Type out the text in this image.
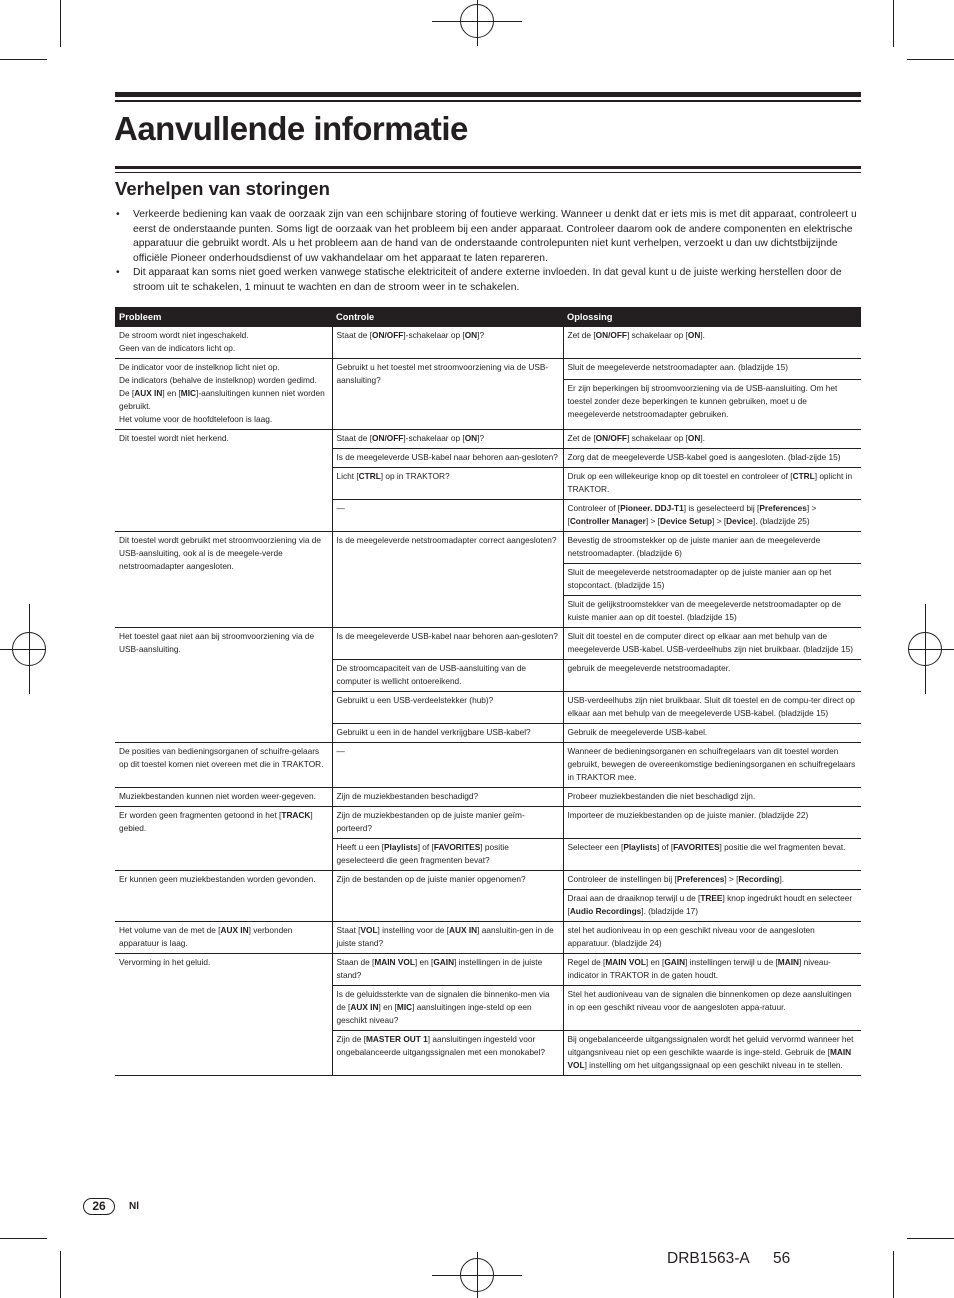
Aanvullende informatie
Verhelpen van storingen
• Verkeerde bediening kan vaak de oorzaak zijn van een schijnbare storing of foutieve werking. Wanneer u denkt dat er iets mis is met dit apparaat, controleert u eerst de onderstaande punten. Soms ligt de oorzaak van het probleem bij een ander apparaat. Controleer daarom ook de andere componenten en elektrische apparatuur die gebruikt wordt. Als u het probleem aan de hand van de onderstaande controlepunten niet kunt verhelpen, verzoekt u dan uw dichtstbijzijnde officiële Pioneer onderhoudsdienst of uw vakhandelaar om het apparaat te laten repareren.
• Dit apparaat kan soms niet goed werken vanwege statische elektriciteit of andere externe invloeden. In dat geval kunt u de juiste werking herstellen door de stroom uit te schakelen, 1 minuut te wachten en dan de stroom weer in te schakelen.
Probleem	Controle	Oplossing
De stroom wordt niet ingeschakeld.
Geen van de indicators licht op.	Staat de [ON/OFF]-schakelaar op [ON]?	Zet de [ON/OFF] schakelaar op [ON].
De indicator voor de instelknop licht niet op.
De indicators (behalve de instelknop) worden gedimd.
De [AUX IN] en [MIC]-aansluitingen kunnen niet worden gebruikt.
Het volume voor de hoofdtelefoon is laag.	Gebruikt u het toestel met stroomvoorziening via de USB-aansluiting?	Sluit de meegeleverde netstroomadapter aan. (bladzijde 15)
		Er zijn beperkingen bij stroomvoorziening via de USB-aansluiting. Om het toestel zonder deze beperkingen te kunnen gebruiken, moet u de meegeleverde netstroomadapter gebruiken.
Dit toestel wordt niet herkend.	Staat de [ON/OFF]-schakelaar op [ON]?	Zet de [ON/OFF] schakelaar op [ON].
	Is de meegeleverde USB-kabel naar behoren aan-gesloten?	Zorg dat de meegeleverde USB-kabel goed is aangesloten. (blad-zijde 15)
	Licht [CTRL] op in TRAKTOR?	Druk op een willekeurige knop op dit toestel en controleer of [CTRL] oplicht in TRAKTOR.
	—	Controleer of [Pioneer. DDJ-T1] is geselecteerd bij [Preferences] > [Controller Manager] > [Device Setup] > [Device]. (bladzijde 25)
Dit toestel wordt gebruikt met stroomvoorziening via de USB-aansluiting, ook al is de meegele-verde netstroomadapter aangesloten.	Is de meegeleverde netstroomadapter correct aangesloten?	Bevestig de stroomstekker op de juiste manier aan de meegeleverde netstroomadapter. (bladzijde 6)
		Sluit de meegeleverde netstroomadapter op de juiste manier aan op het stopcontact. (bladzijde 15)
		Sluit de gelijkstroomstekker van de meegeleverde netstroomadapter op de kuiste manier aan op dit toestel. (bladzijde 15)
Het toestel gaat niet aan bij stroomvoorziening via de USB-aansluiting.	Is de meegeleverde USB-kabel naar behoren aan-gesloten?	Sluit dit toestel en de computer direct op elkaar aan met behulp van de meegeleverde USB-kabel. USB-verdeelhubs zijn niet bruikbaar. (bladzijde 15)
	De stroomcapaciteit van de USB-aansluiting van de computer is wellicht ontoereikend.	gebruik de meegeleverde netstroomadapter.
	Gebruikt u een USB-verdeelstekker (hub)?	USB-verdeelhubs zijn niet bruikbaar. Sluit dit toestel en de compu-ter direct op elkaar aan met behulp van de meegeleverde USB-kabel. (bladzijde 15)
	Gebruikt u een in de handel verkrijgbare USB-kabel?	Gebruik de meegeleverde USB-kabel.
De posities van bedieningsorganen of schuifre-gelaars op dit toestel komen niet overeen met die in TRAKTOR.	—	Wanneer de bedieningsorganen en schuifregelaars van dit toestel worden gebruikt, bewegen de overeenkomstige bedieningsorganen en schuifregelaars in TRAKTOR mee.
Muziekbestanden kunnen niet worden weer-gegeven.	Zijn de muziekbestanden beschadigd?	Probeer muziekbestanden die niet beschadigd zijn.
Er worden geen fragmenten getoond in het [TRACK] gebied.	Zijn de muziekbestanden op de juiste manier geïm-porteerd?	Importeer de muziekbestanden op de juiste manier. (bladzijde 22)
	Heeft u een [Playlists] of [FAVORITES] positie geselecteerd die geen fragmenten bevat?	Selecteer een [Playlists] of [FAVORITES] positie die wel fragmenten bevat.
Er kunnen geen muziekbestanden worden gevonden.	Zijn de bestanden op de juiste manier opgenomen?	Controleer de instellingen bij [Preferences] > [Recording].
		Draai aan de draaiknop terwijl u de [TREE] knop ingedrukt houdt en selecteer [Audio Recordings]. (bladzijde 17)
Het volume van de met de [AUX IN] verbonden apparatuur is laag.	Staat [VOL] instelling voor de [AUX IN] aansluitin-gen in de juiste stand?	stel het audioniveau in op een geschikt niveau voor de aangesloten apparatuur. (bladzijde 24)
Vervorming in het geluid.	Staan de [MAIN VOL] en [GAIN] instellingen in de juiste stand?	Regel de [MAIN VOL] en [GAIN] instellingen terwijl u de [MAIN] niveau-indicator in TRAKTOR in de gaten houdt.
	Is de geluidssterkte van de signalen die binnenko-men via de [AUX IN] en [MIC] aansluitingen inge-steld op een geschikt niveau?	Stel het audioniveau van de signalen die binnenkomen op deze aansluitingen in op een geschikt niveau voor de aangesloten appa-ratuur.
	Zijn de [MASTER OUT 1] aansluitingen ingesteld voor ongebalanceerde uitgangssignalen met een monokabel?	Bij ongebalanceerde uitgangssignalen wordt het geluid vervormd wanneer het uitgangsniveau niet op een geschikte waarde is inge-steld. Gebruik de [MAIN VOL] instelling om het uitgangssignaal op een geschikt niveau in te stellen.
26	Nl
DRB1563-A 56
